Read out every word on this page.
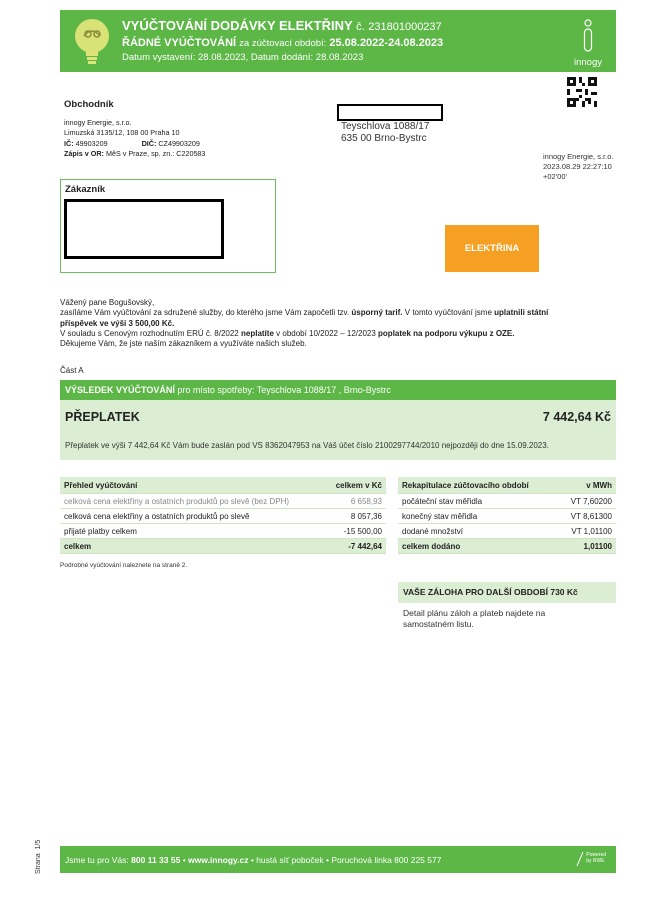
VYÚČTOVÁNÍ DODÁVKY ELEKTŘINY č. 231801000237
ŘÁDNÉ VYÚČTOVÁNÍ za zúčtovací období: 25.08.2022-24.08.2023
Datum vystavení: 28.08.2023, Datum dodání: 28.08.2023	innogy
Obchodník
innogy Energie, s.r.o.
Limuzská 3135/12, 108 00 Praha 10
IČ: 49903209	DIČ: CZ49903209
Zápis v OR: MěS v Praze, sp. zn.: C220583
Teyschlova 1088/17
635 00 Brno-Bystrc
innogy Energie, s.r.o.
2023.08.29 22:27:10
+02'00'
Zákazník
ELEKTŘINA
Vážený pane Bogušovský,
zasíláme Vám vyúčtování za sdružené služby, do kterého jsme Vám započetli tzv. úsporný tarif. V tomto vyúčtování jsme uplatnili státní
příspěvek ve výši 3 500,00 Kč.
V souladu s Cenovým rozhodnutím ERÚ č. 8/2022 neplatíte v období 10/2022 – 12/2023 poplatek na podporu výkupu z OZE.
Děkujeme Vám, že jste naším zákazníkem a využíváte našich služeb.
Část A
VÝSLEDEK VYÚČTOVÁNÍ pro místo spotřeby: Teyschlova 1088/17 , Brno-Bystrc
PŘEPLATEK	7 442,64 Kč
Přeplatek ve výši 7 442,64 Kč Vám bude zaslán pod VS 8362047953 na Váš účet číslo 2100297744/2010 nejpozději do dne 15.09.2023.
Přehled vyúčtování	celkem v Kč
celková cena elektřiny a ostatních produktů po slevě (bez DPH)	6 658,93
celková cena elektřiny a ostatních produktů po slevě	8 057,36
přijaté platby celkem	-15 500,00
celkem	-7 442,64
Rekapitulace zúčtovacího období	v MWh
počáteční stav měřidla	VT 7,60200
konečný stav měřidla	VT 8,61300
dodané množství	VT 1,01100
celkem dodáno	1,01100
Podrobné vyúčtování naleznete na straně 2.
VAŠE ZÁLOHA PRO DALŠÍ OBDOBÍ 730 Kč
Detail plánu záloh a plateb najdete na samostatném listu.
Strana  1/5
Jsme tu pro Vás: 800 11 33 55 • www.innogy.cz • hustá síť poboček • Poruchová linka 800 225 577	Powered
by RWE
